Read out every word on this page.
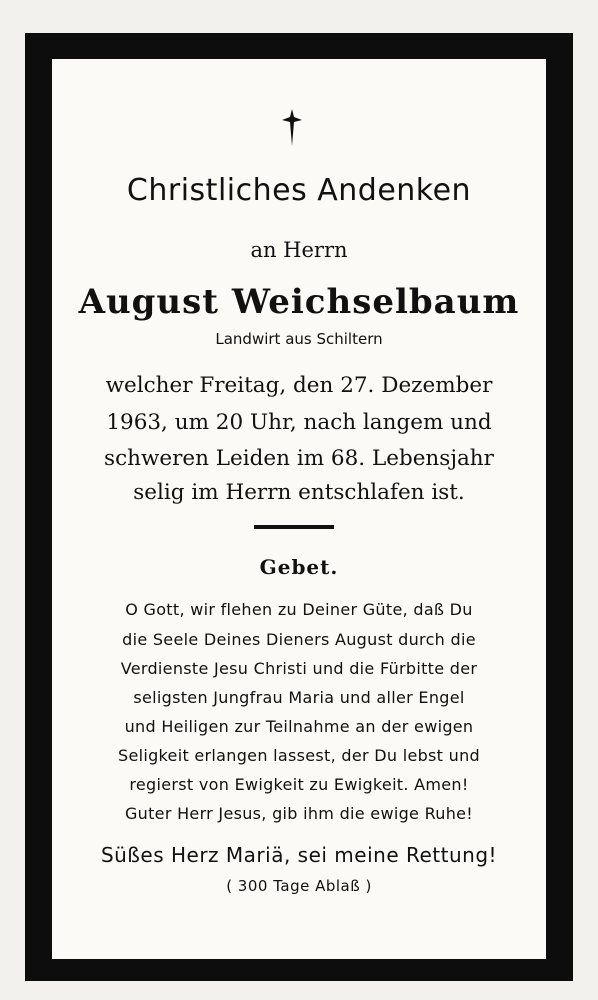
Christliches Andenken
an Herrn
August Weichselbaum
Landwirt aus Schiltern
welcher Freitag, den 27. Dezember
1963, um 20 Uhr, nach langem und
schweren Leiden im 68. Lebensjahr
selig im Herrn entschlafen ist.
Gebet.
O Gott, wir flehen zu Deiner Güte, daß Du
die Seele Deines Dieners August durch die
Verdienste Jesu Christi und die Fürbitte der
seligsten Jungfrau Maria und aller Engel
und Heiligen zur Teilnahme an der ewigen
Seligkeit erlangen lassest, der Du lebst und
regierst von Ewigkeit zu Ewigkeit. Amen!
Guter Herr Jesus, gib ihm die ewige Ruhe!
Süßes Herz Mariä, sei meine Rettung!
( 300 Tage Ablaß )
